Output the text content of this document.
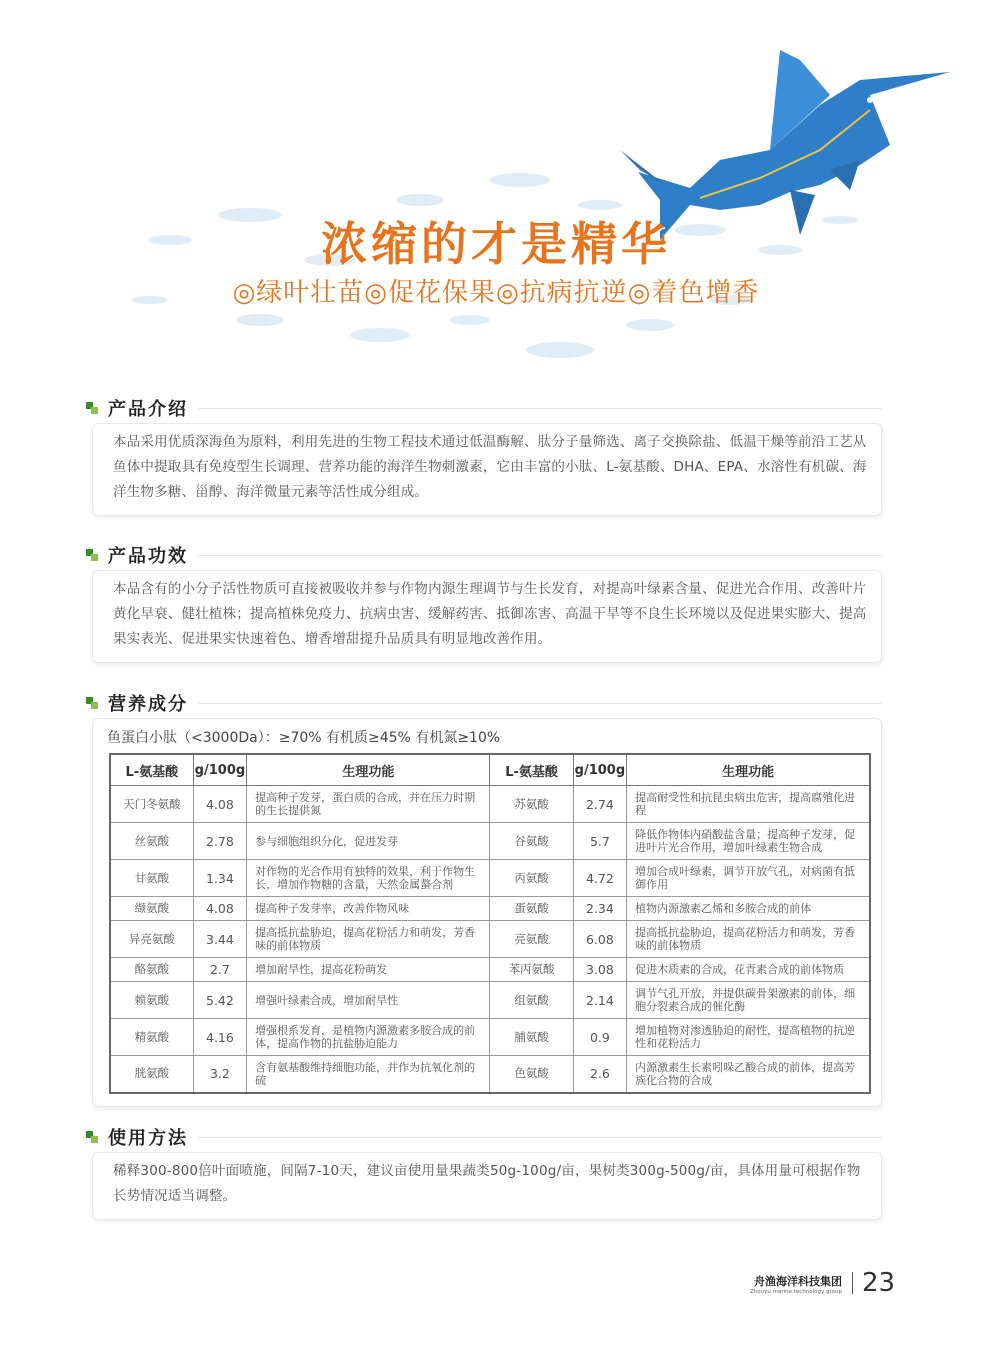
浓缩的才是精华
◎绿叶壮苗◎促花保果◎抗病抗逆◎着色增香
产品介绍

本品采用优质深海鱼为原料，利用先进的生物工程技术通过低温酶解、肽分子量筛选、离子交换除盐、低温干燥等前沿工艺从鱼体中提取具有免疫型生长调理、营养功能的海洋生物刺激素，它由丰富的小肽、L-氨基酸、DHA、EPA、水溶性有机碳、海洋生物多糖、甾醇、海洋微量元素等活性成分组成。

产品功效

本品含有的小分子活性物质可直接被吸收并参与作物内源生理调节与生长发育，对提高叶绿素含量、促进光合作用、改善叶片黄化早衰、健壮植株；提高植株免疫力、抗病虫害、缓解药害、抵御冻害、高温干旱等不良生长环境以及促进果实膨大、提高果实表光、促进果实快速着色、增香增甜提升品质具有明显地改善作用。

营养成分
鱼蛋白小肽（<3000Da）：≥70% 有机质≥45% 有机氮≥10%
L-氨基酸	g/100g	生理功能	L-氨基酸	g/100g	生理功能
天门冬氨酸	4.08	提高种子发芽，蛋白质的合成，并在压力时期的生长提供氮	苏氨酸	2.74	提高耐受性和抗昆虫病虫危害，提高腐殖化进程
丝氨酸	2.78	参与细胞组织分化，促进发芽	谷氨酸	5.7	降低作物体内硝酸盐含量；提高种子发芽，促进叶片光合作用，增加叶绿素生物合成
甘氨酸	1.34	对作物的光合作用有独特的效果，利于作物生长，增加作物糖的含量，天然金属螯合剂	丙氨酸	4.72	增加合成叶绿素，调节开放气孔，对病菌有抵御作用
缬氨酸	4.08	提高种子发芽率，改善作物风味	蛋氨酸	2.34	植物内源激素乙烯和多胺合成的前体
异亮氨酸	3.44	提高抵抗盐胁迫，提高花粉活力和萌发，芳香味的前体物质	亮氨酸	6.08	提高抵抗盐胁迫，提高花粉活力和萌发，芳香味的前体物质
酪氨酸	2.7	增加耐旱性，提高花粉萌发	苯丙氨酸	3.08	促进木质素的合成，花青素合成的前体物质
赖氨酸	5.42	增强叶绿素合成，增加耐旱性	组氨酸	2.14	调节气孔开放，并提供碳骨架激素的前体，细胞分裂素合成的催化酶
精氨酸	4.16	增强根系发育，是植物内源激素多胺合成的前体，提高作物的抗盐胁迫能力	脯氨酸	0.9	增加植物对渗透胁迫的耐性，提高植物的抗逆性和花粉活力
胱氨酸	3.2	含有氨基酸维持细胞功能，并作为抗氧化剂的硫	色氨酸	2.6	内源激素生长素吲哚乙酸合成的前体，提高芳族化合物的合成
使用方法

稀释300-800倍叶面喷施，间隔7-10天，建议亩使用量果蔬类50g-100g/亩，果树类300g-500g/亩，具体用量可根据作物长势情况适当调整。

舟渔海洋科技集团
Zhouyu marine technology group 23
